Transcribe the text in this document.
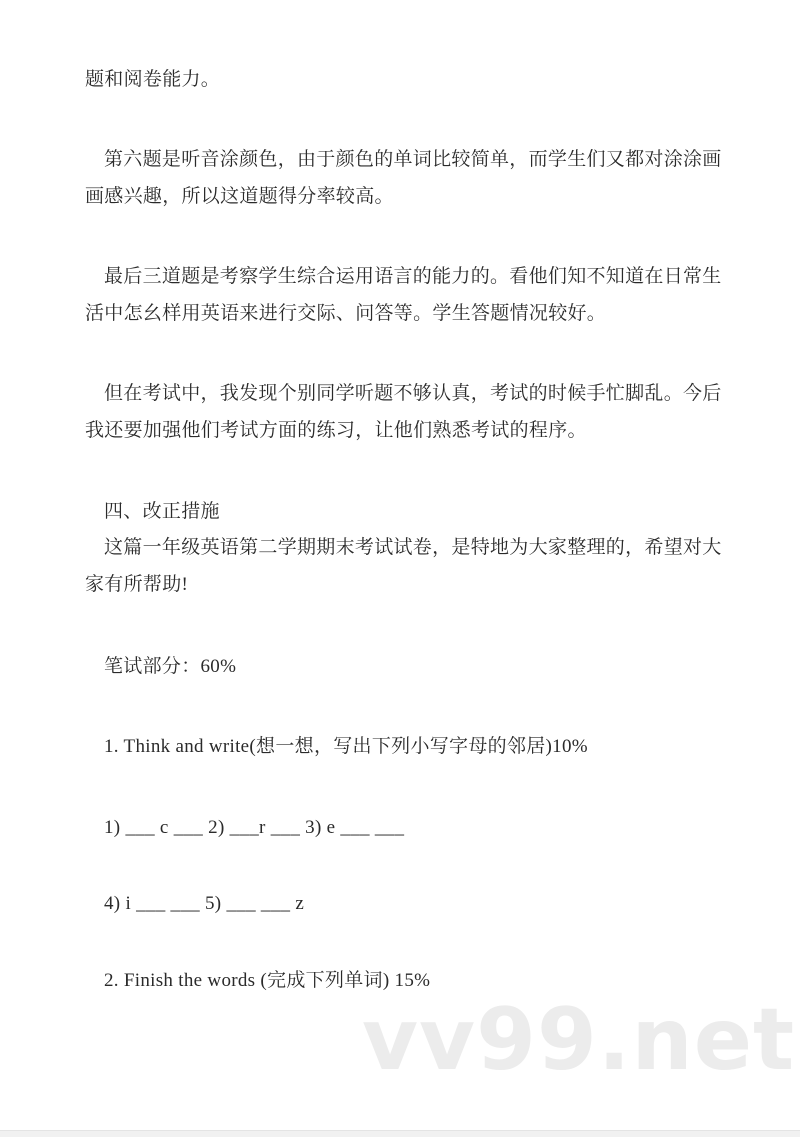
题和阅卷能力。
第六题是听音涂颜色，由于颜色的单词比较简单，而学生们又都对涂涂画
画感兴趣，所以这道题得分率较高。
最后三道题是考察学生综合运用语言的能力的。看他们知不知道在日常生
活中怎幺样用英语来进行交际、问答等。学生答题情况较好。
但在考试中，我发现个别同学听题不够认真，考试的时候手忙脚乱。今后
我还要加强他们考试方面的练习，让他们熟悉考试的程序。
四、改正措施
这篇一年级英语第二学期期末考试试卷，是特地为大家整理的，希望对大
家有所帮助!
笔试部分：60%
1. Think and write(想一想，写出下列小写字母的邻居)10%
1) ___ c ___ 2) ___r ___ 3) e ___ ___
4) i ___ ___ 5) ___ ___ z
2. Finish the words (完成下列单词) 15%
vv99.net
